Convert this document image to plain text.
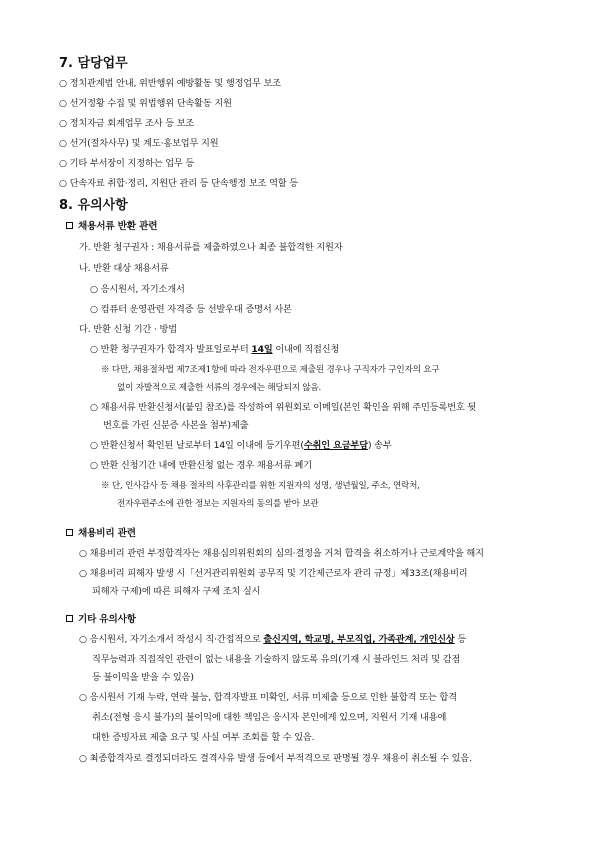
7. 담당업무
○ 정치관계법 안내, 위반행위 예방활동 및 행정업무 보조
○ 선거정황 수집 및 위법행위 단속활동 지원
○ 정치자금 회계업무 조사 등 보조
○ 선거(절차사무) 및 계도·홍보업무 지원
○ 기타 부서장이 지정하는 업무 등
○ 단속자료 취합·정리, 지원단 관리 등 단속행정 보조 역할 등
8. 유의사항
채용서류 반환 관련
가. 반환 청구권자 : 채용서류를 제출하였으나 최종 불합격한 지원자
나. 반환 대상 채용서류
○ 응시원서, 자기소개서
○ 컴퓨터 운영관련 자격증 등 선발우대 증명서 사본
다. 반환 신청 기간 · 방법
○ 반환 청구권자가 합격자 발표일로부터 14일 이내에 직접신청
※ 다만, 채용절차법 제7조제1항에 따라 전자우편으로 제출된 경우나 구직자가 구인자의 요구
없이 자발적으로 제출한 서류의 경우에는 해당되지 않음.
○ 채용서류 반환신청서(붙임 참조)를 작성하여 위원회로 이메일(본인 확인을 위해 주민등록번호 뒷
번호를 가린 신분증 사본을 첨부)제출
○ 반환신청서 확인된 날로부터 14일 이내에 등기우편(수취인 요금부담) 송부
○ 반환 신청기간 내에 반환신청 없는 경우 채용서류 폐기
※ 단, 인사감사 등 채용 절차의 사후관리를 위한 지원자의 성명, 생년월일, 주소, 연락처,
전자우편주소에 관한 정보는 지원자의 동의를 받아 보관
채용비리 관련
○ 채용비리 관련 부정합격자는 채용심의위원회의 심의·결정을 거쳐 합격을 취소하거나 근로계약을 해지
○ 채용비리 피해자 발생 시「선거관리위원회 공무직 및 기간제근로자 관리 규정」제33조(채용비리
피해자 구제)에 따른 피해자 구제 조치 실시
기타 유의사항
○ 응시원서, 자기소개서 작성시 직·간접적으로 출신지역, 학교명, 부모직업, 가족관계, 개인신상 등
직무능력과 직접적인 관련이 없는 내용을 기술하지 않도록 유의(기재 시 블라인드 처리 및 감점
등 불이익을 받을 수 있음)
○ 응시원서 기재 누락, 연락 불능, 합격자발표 미확인, 서류 미제출 등으로 인한 불합격 또는 합격
취소(전형 응시 불가)의 불이익에 대한 책임은 응시자 본인에게 있으며, 지원서 기재 내용에
대한 증빙자료 제출 요구 및 사실 여부 조회를 할 수 있음.
○ 최종합격자로 결정되더라도 결격사유 발생 등에서 부적격으로 판명될 경우 채용이 취소될 수 있음.
